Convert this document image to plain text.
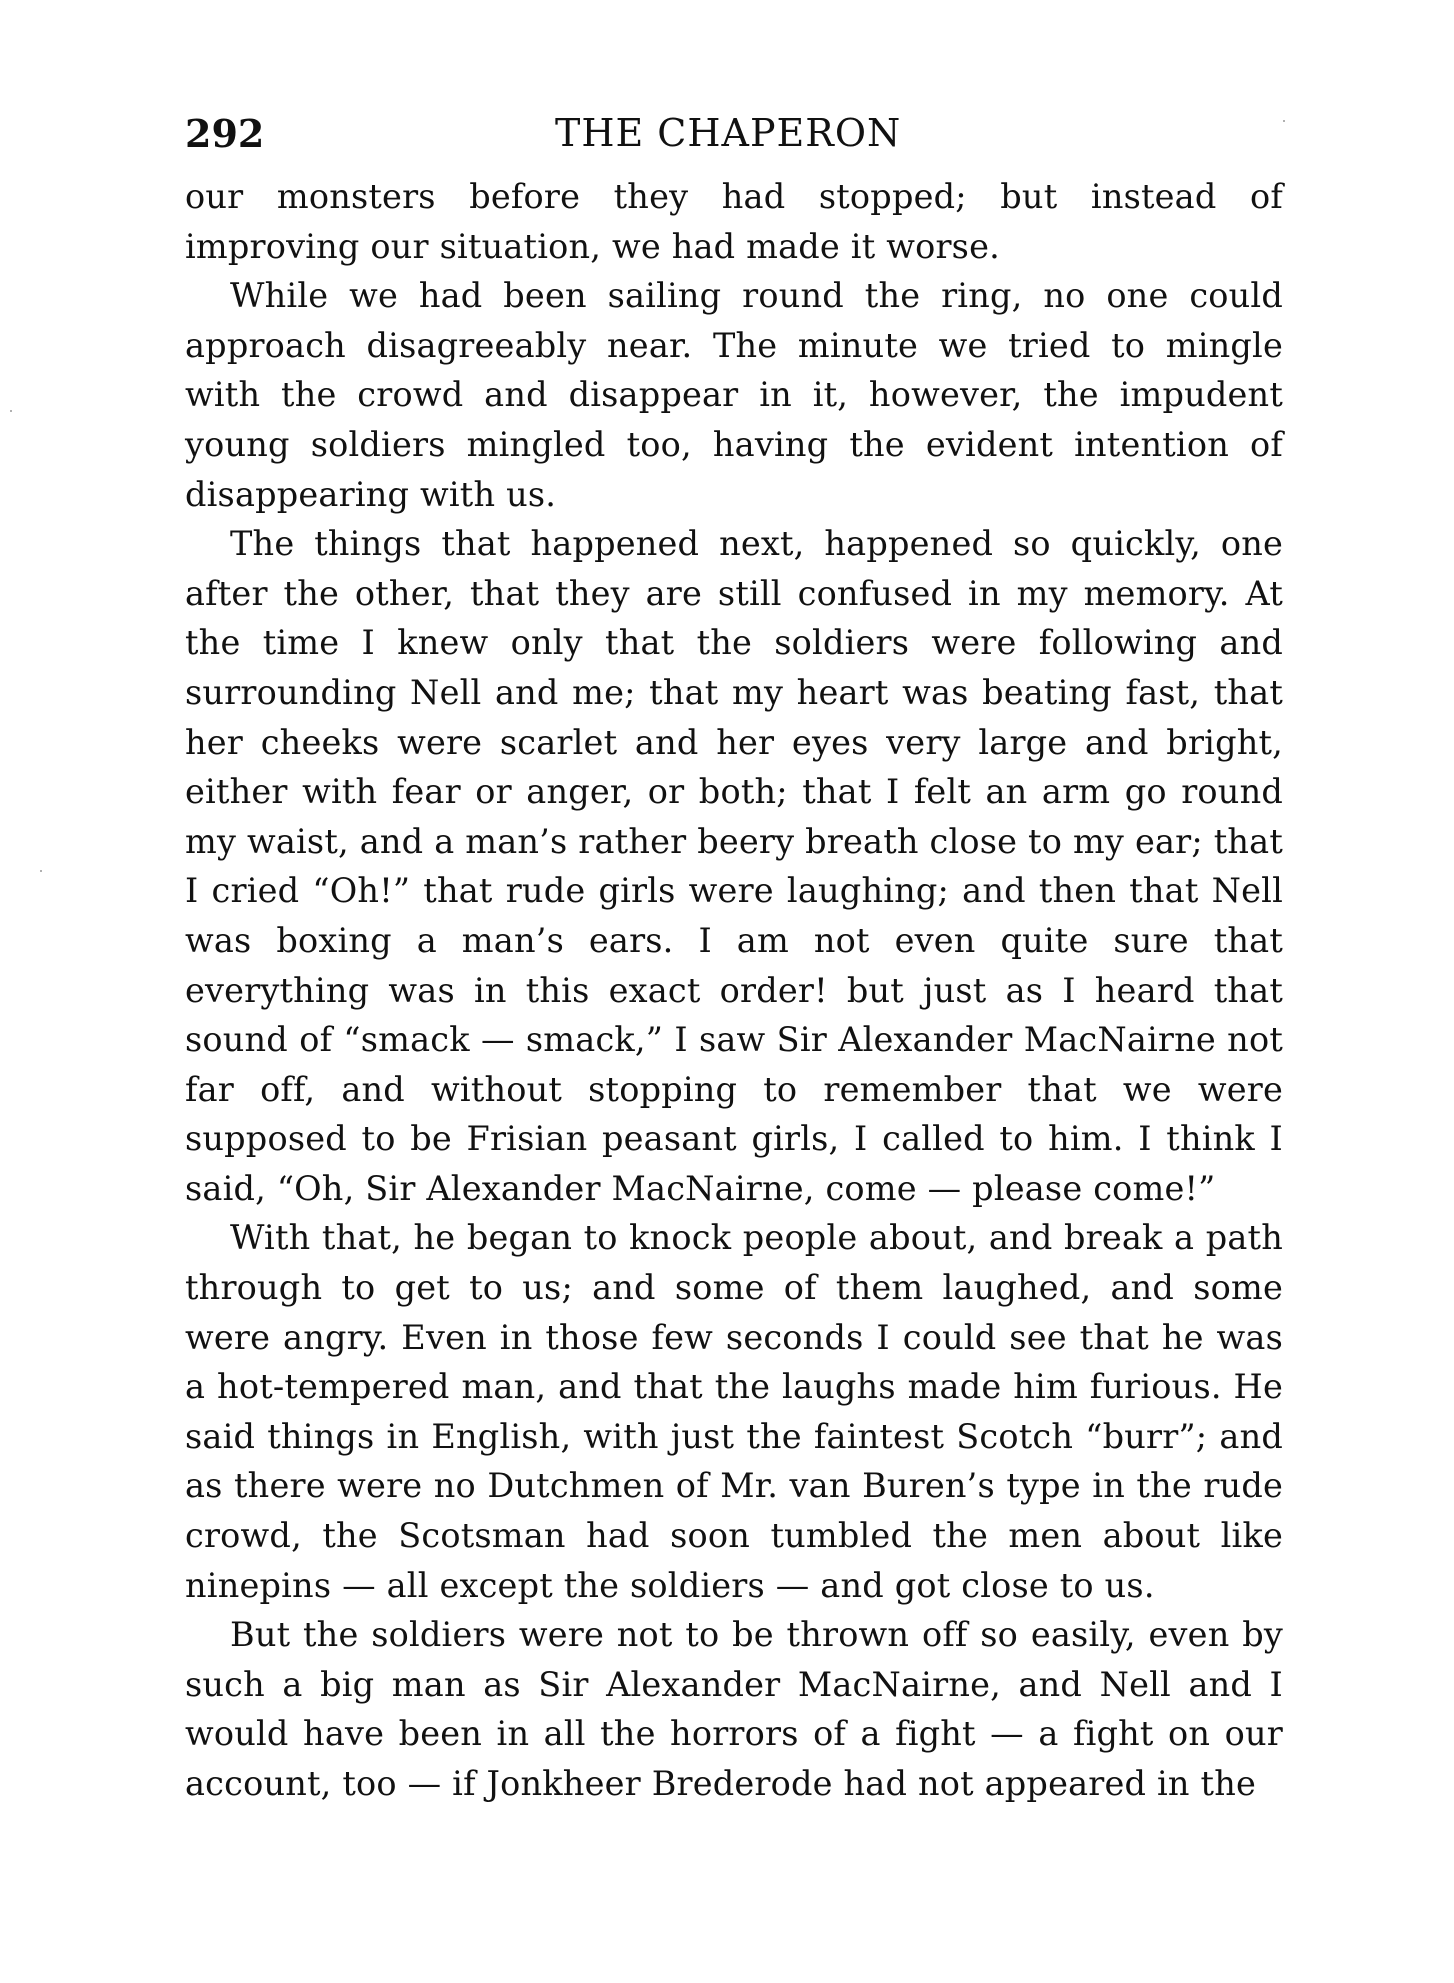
292	THE CHAPERON

our monsters before they had stopped; but instead of improving our situation, we had made it worse.

While we had been sailing round the ring, no one could approach disagreeably near. The minute we tried to mingle with the crowd and disappear in it, however, the impudent young soldiers mingled too, having the evident intention of disappearing with us.

The things that happened next, happened so quickly, one after the other, that they are still confused in my memory. At the time I knew only that the soldiers were following and surrounding Nell and me; that my heart was beating fast, that her cheeks were scarlet and her eyes very large and bright, either with fear or anger, or both; that I felt an arm go round my waist, and a man’s rather beery breath close to my ear; that I cried “Oh!” that rude girls were laughing; and then that Nell was boxing a man’s ears. I am not even quite sure that everything was in this exact order! but just as I heard that sound of “smack — smack,” I saw Sir Alexander MacNairne not far off, and without stopping to remember that we were supposed to be Frisian peasant girls, I called to him. I think I said, “Oh, Sir Alexander MacNairne, come — please come!”

With that, he began to knock people about, and break a path through to get to us; and some of them laughed, and some were angry. Even in those few seconds I could see that he was a hot-tempered man, and that the laughs made him furious. He said things in English, with just the faintest Scotch “burr”; and as there were no Dutchmen of Mr. van Buren’s type in the rude crowd, the Scotsman had soon tumbled the men about like ninepins — all except the soldiers — and got close to us.

But the soldiers were not to be thrown off so easily, even by such a big man as Sir Alexander MacNairne, and Nell and I would have been in all the horrors of a fight — a fight on our account, too — if Jonkheer Brederode had not appeared in the
